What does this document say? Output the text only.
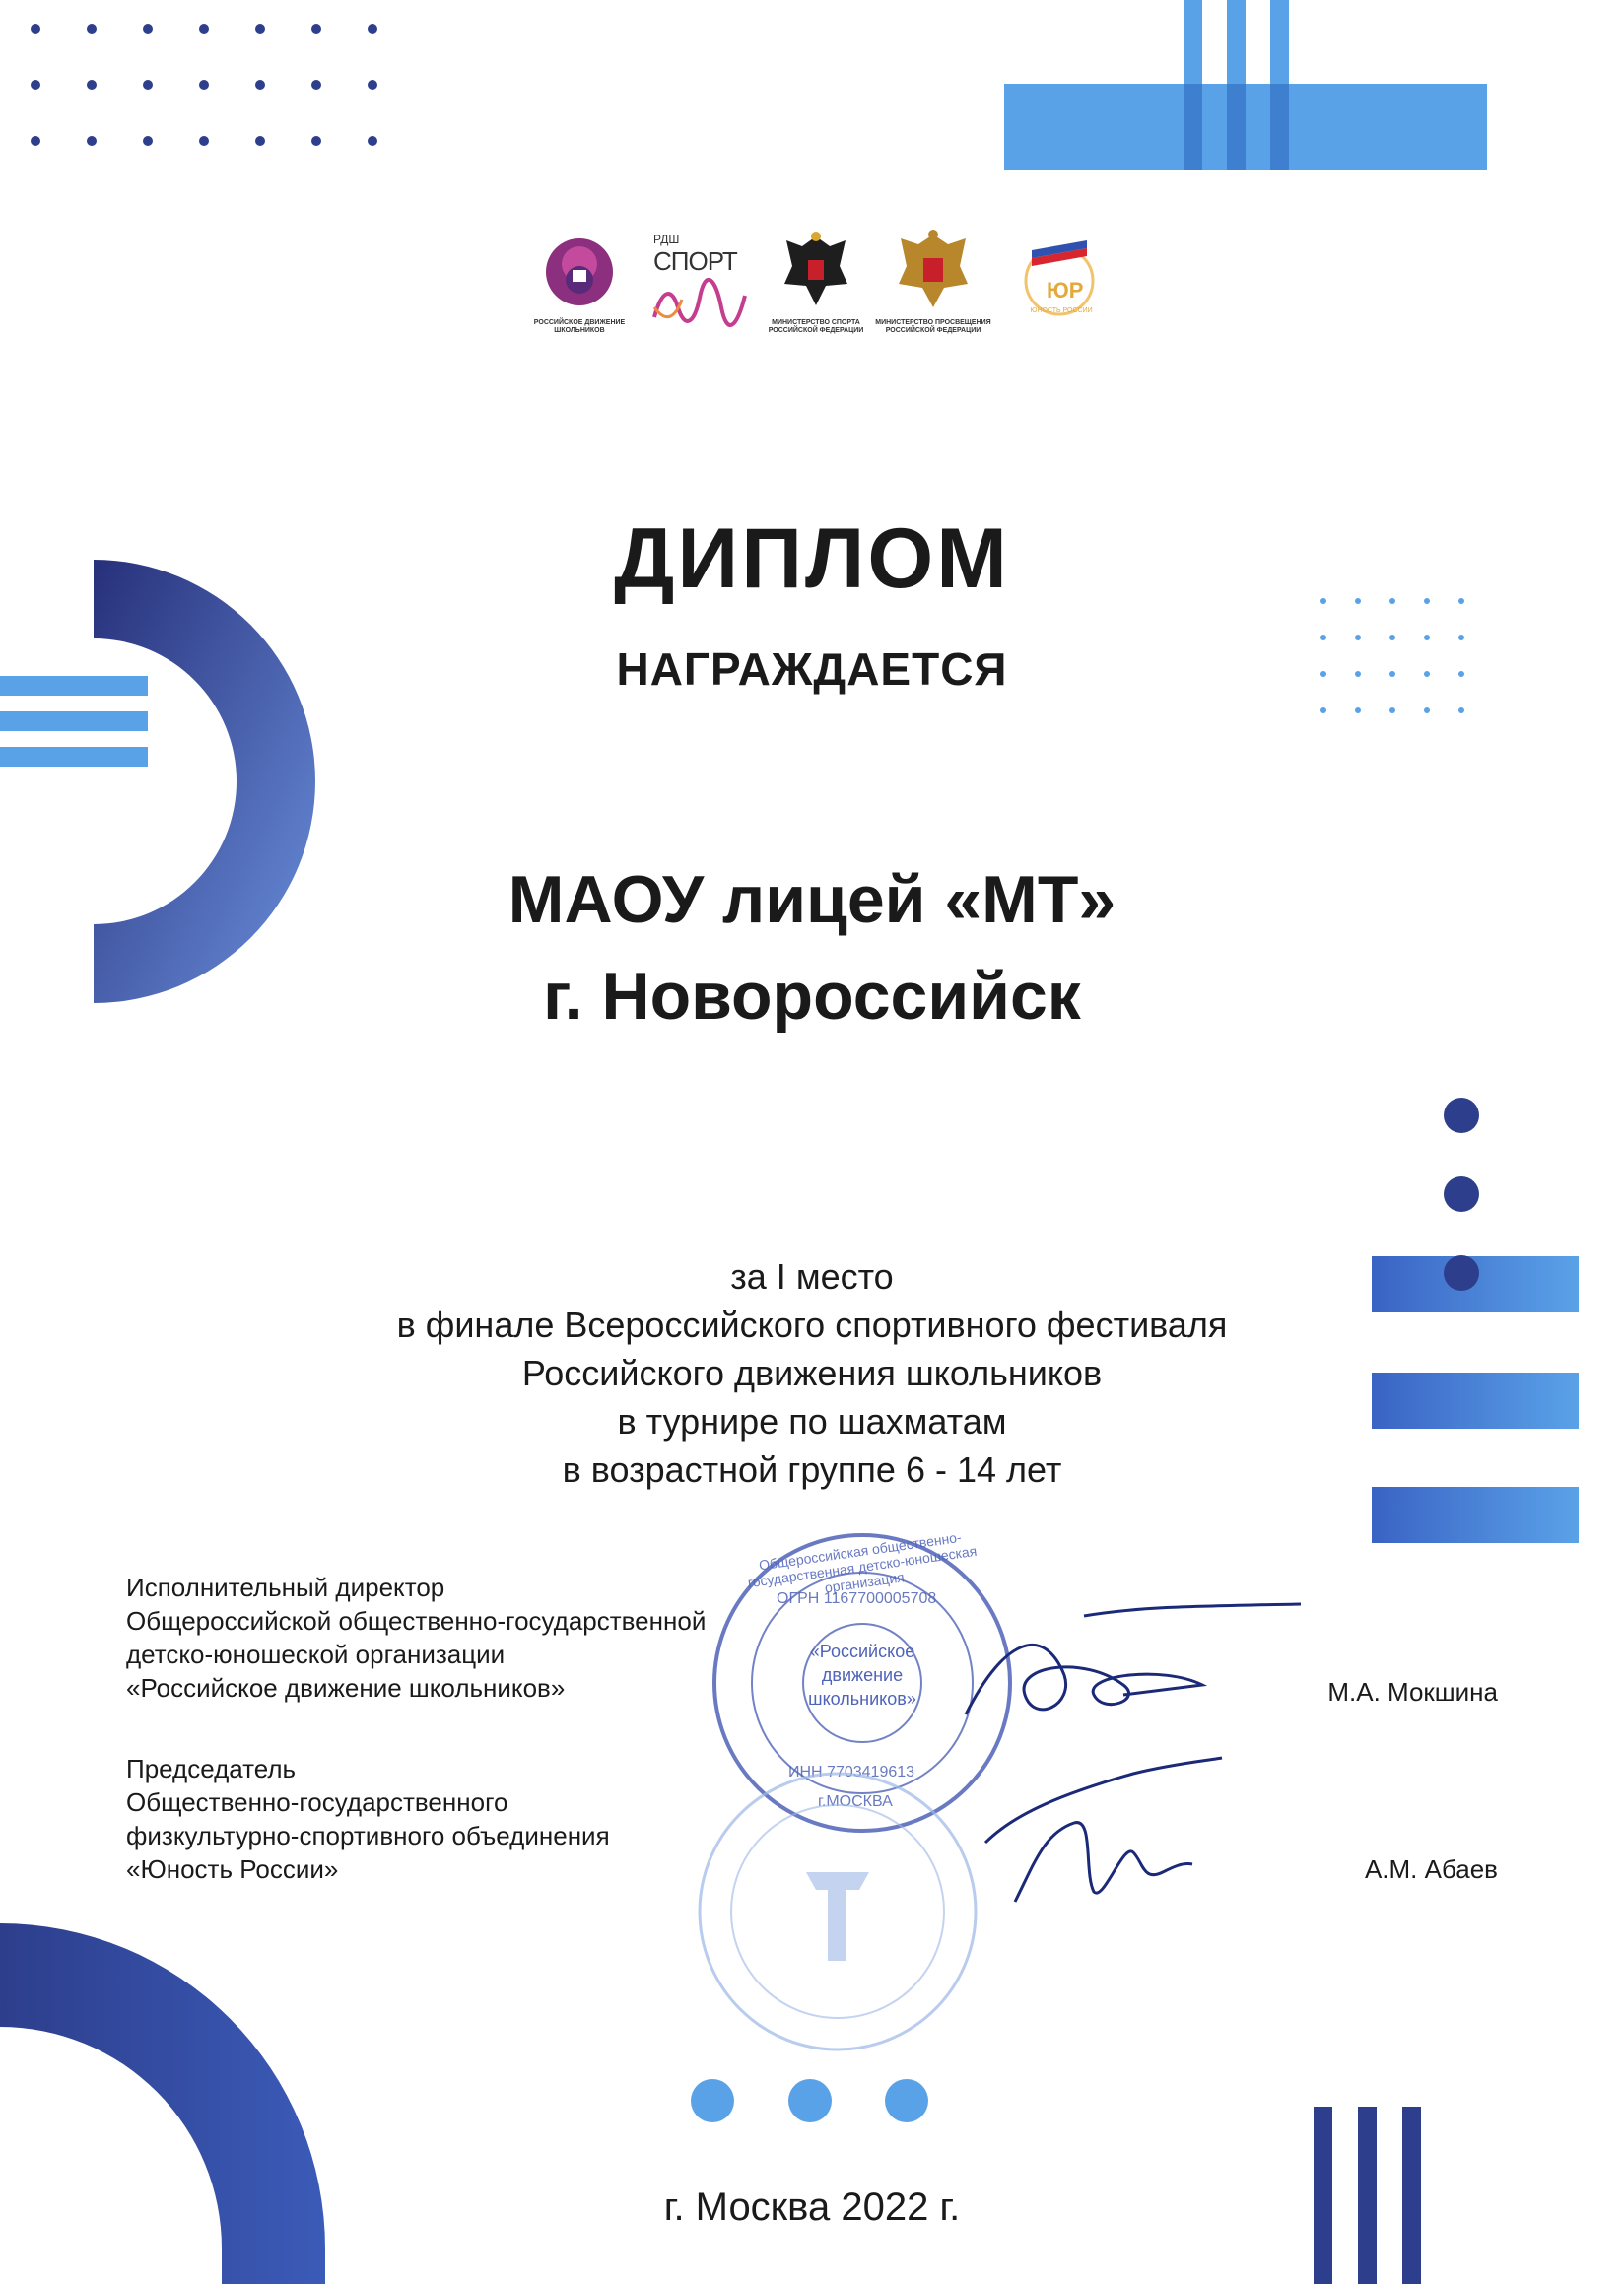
РОССИЙСКОЕ ДВИЖЕНИЕ ШКОЛЬНИКОВ
РДШ
СПОРТ
МИНИСТЕРСТВО СПОРТА РОССИЙСКОЙ ФЕДЕРАЦИИ
МИНИСТЕРСТВО ПРОСВЕЩЕНИЯ РОССИЙСКОЙ ФЕДЕРАЦИИ
ЮР
ЮНОСТЬ РОССИИ
ДИПЛОМ
НАГРАЖДАЕТСЯ
МАОУ лицей «МТ»
г. Новороссийск
за I место
в финале Всероссийского спортивного фестиваля
Российского движения школьников
в турнире по шахматам
в возрастной группе 6 - 14 лет
Общероссийская общественно-государственная детско-юношеская организация
ОГРН 1167700005708
«Российское
движение
школьников»
ИНН 7703419613
г.МОСКВА
Исполнительный директор
Общероссийской общественно-государственной
детско-юношеской организации
«Российское движение школьников»	М.А. Мокшина
Председатель
Общественно-государственного
физкультурно-спортивного объединения
«Юность России»	А.М. Абаев
г. Москва 2022 г.
